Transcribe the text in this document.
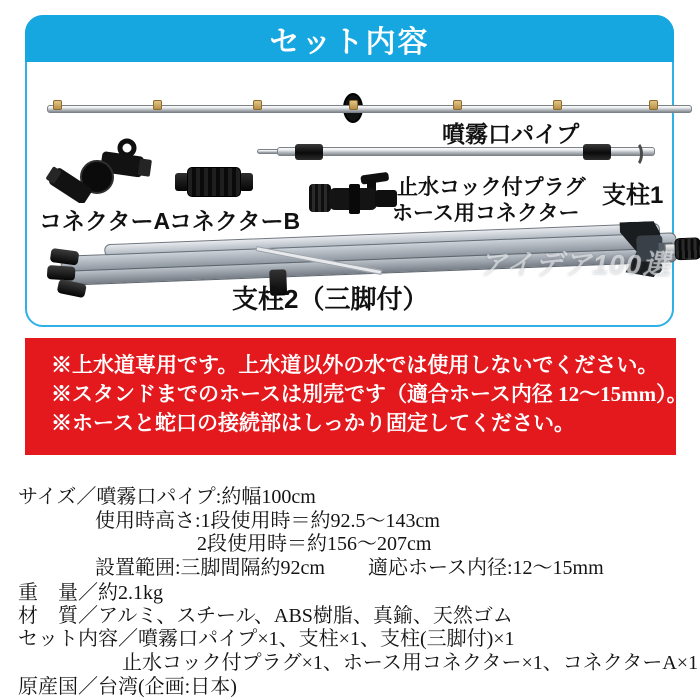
セット内容
噴霧口パイプ
コネクターA
コネクターB
支柱1
止水コック付プラグ
ホース用コネクター
アイデア100選
支柱2（三脚付）
※上水道専用です。上水道以外の水では使用しないでください。
※スタンドまでのホースは別売です（適合ホース内径 12～15mm）。
※ホースと蛇口の接続部はしっかり固定してください。
サイズ／噴霧口パイプ:約幅100cm
使用時高さ:1段使用時＝約92.5～143cm
2段使用時＝約156～207cm
設置範囲:三脚間隔約92cm 適応ホース内径:12～15mm
重　量／約2.1kg
材　質／アルミ、スチール、ABS樹脂、真鍮、天然ゴム
セット内容／噴霧口パイプ×1、支柱×1、支柱(三脚付)×1
止水コック付プラグ×1、ホース用コネクター×1、コネクターA×1
原産国／台湾(企画:日本)
